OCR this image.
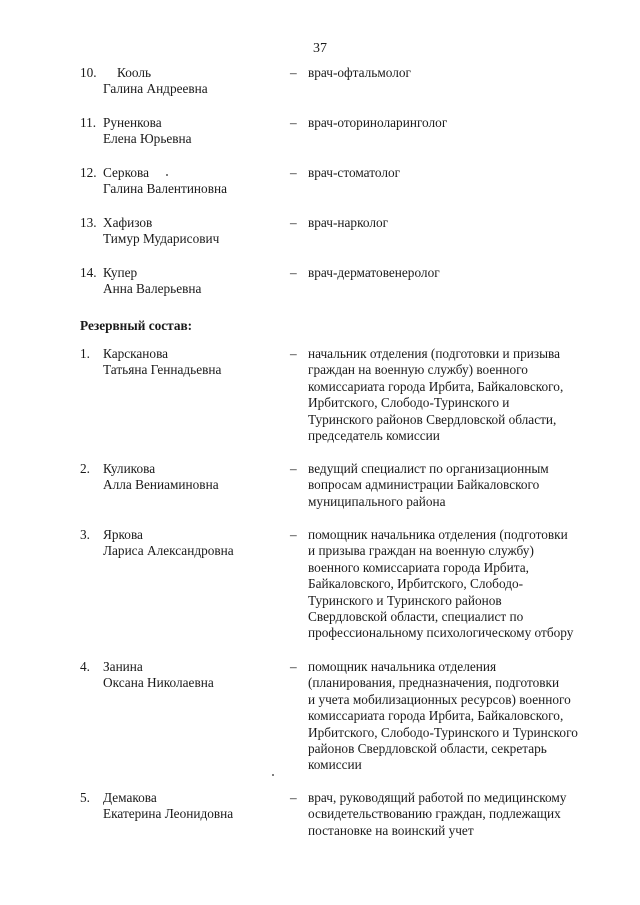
37
10.	Кооль
Галина Андреевна
– врач-офтальмолог
11. Руненкова
Елена Юрьевна
– врач-оториноларинголог
12. Серкова
Галина Валентиновна
– врач-стоматолог
13. Хафизов
Тимур Мударисович
– врач-нарколог
14. Купер
Анна Валерьевна
– врач-дерматовенеролог
Резервный состав:
1. Карсканова
Татьяна Геннадьевна
– начальник отделения (подготовки и призыва
граждан на военную службу) военного
комиссариата города Ирбита, Байкаловского,
Ирбитского, Слободо-Туринского и
Туринского районов Свердловской области,
председатель комиссии
2. Куликова
Алла Вениаминовна
– ведущий специалист по организационным
вопросам администрации Байкаловского
муниципального района
3. Яркова
Лариса Александровна
– помощник начальника отделения (подготовки
и призыва граждан на военную службу)
военного комиссариата города Ирбита,
Байкаловского, Ирбитского, Слободо-
Туринского и Туринского районов
Свердловской области, специалист по
профессиональному психологическому отбору
4. Занина
Оксана Николаевна
– помощник начальника отделения
(планирования, предназначения, подготовки
и учета мобилизационных ресурсов) военного
комиссариата города Ирбита, Байкаловского,
Ирбитского, Слободо-Туринского и Туринского
районов Свердловской области, секретарь
комиссии
5. Демакова
Екатерина Леонидовна
– врач, руководящий работой по медицинскому
освидетельствованию граждан, подлежащих
постановке на воинский учет
